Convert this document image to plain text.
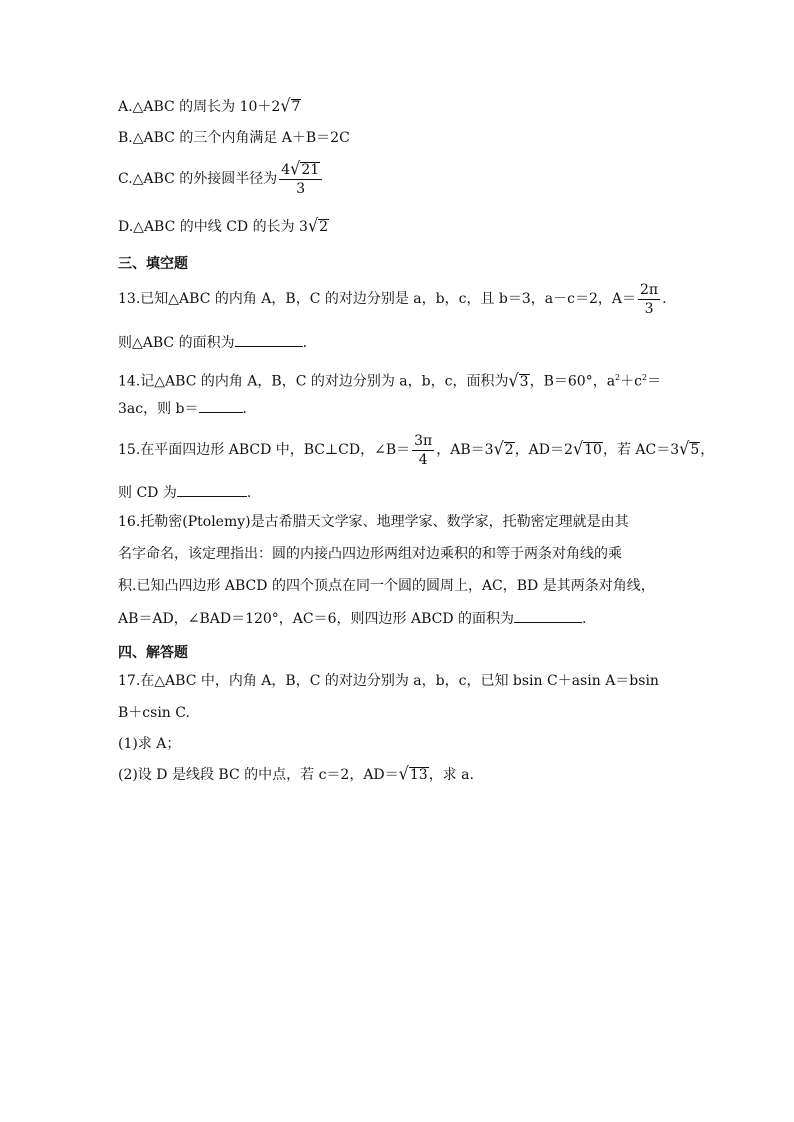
A.△ABC 的周长为 10＋2√7
B.△ABC 的三个内角满足 A＋B＝2C
C.△ABC 的外接圆半径为 $\frac{4√21}{3}$
D.△ABC 的中线 CD 的长为 3√2
三、填空题
13.已知△ABC 的内角 A，B，C 的对边分别是 a，b，c，且 b＝3，a－c＝2，$A= \frac{2\pi}{3}$ .
则△ABC 的面积为	.
14.记△ABC 的内角 A，B，C 的对边分别为 a，b，c，面积为√3，B＝60°，$a^2+c^2=$
3ac，则 b＝	.
15.在平面四边形 ABCD 中，BC⊥CD，∠B＝ $\frac{3\pi}{4}$ ，AB＝3√2，AD＝2√10，若 AC＝3√5，
则 CD 为	.
16.托勒密(Ptolemy)是古希腊天文学家、地理学家、数学家，托勒密定理就是由其
名字命名，该定理指出：圆的内接凸四边形两组对边乘积的和等于两条对角线的乘
积.已知凸四边形 ABCD 的四个顶点在同一个圆的圆周上，AC，BD 是其两条对角线，
AB＝AD，∠BAD＝120°，AC＝6，则四边形 ABCD 的面积为	.
四、解答题
17.在△ABC 中，内角 A，B，C 的对边分别为 a，b，c，已知 bsin C＋asin A＝bsin
B＋csin C.
(1)求 A；
(2)设 D 是线段 BC 的中点，若 c＝2，AD＝√13，求 a.
